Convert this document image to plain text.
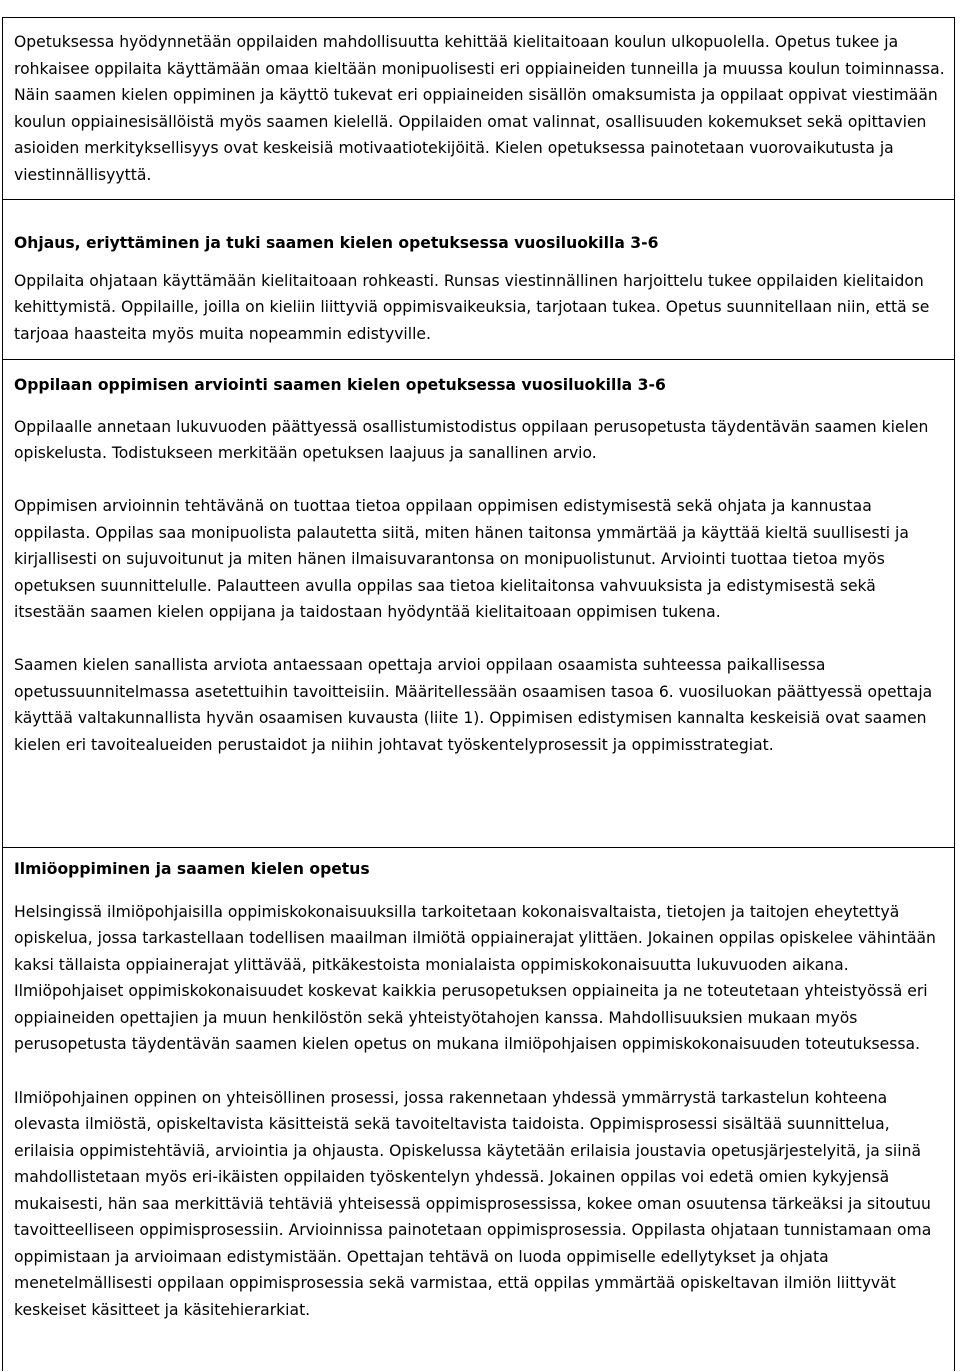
Opetuksessa hyödynnetään oppilaiden mahdollisuutta kehittää kielitaitoaan koulun ulkopuolella. Opetus tukee ja rohkaisee oppilaita käyttämään omaa kieltään monipuolisesti eri oppiaineiden tunneilla ja muussa koulun toiminnassa. Näin saamen kielen oppiminen ja käyttö tukevat eri oppiaineiden sisällön omaksumista ja oppilaat oppivat viestimään koulun oppiainesisällöistä myös saamen kielellä. Oppilaiden omat valinnat, osallisuuden kokemukset sekä opittavien asioiden merkityksellisyys ovat keskeisiä motivaatiotekijöitä. Kielen opetuksessa painotetaan vuorovaikutusta ja viestinnällisyyttä.

Ohjaus, eriyttäminen ja tuki saamen kielen opetuksessa vuosiluokilla 3-6

Oppilaita ohjataan käyttämään kielitaitoaan rohkeasti. Runsas viestinnällinen harjoittelu tukee oppilaiden kielitaidon kehittymistä. Oppilaille, joilla on kieliin liittyviä oppimisvaikeuksia, tarjotaan tukea. Opetus suunnitellaan niin, että se tarjoaa haasteita myös muita nopeammin edistyville.

Oppilaan oppimisen arviointi saamen kielen opetuksessa vuosiluokilla 3-6

Oppilaalle annetaan lukuvuoden päättyessä osallistumistodistus oppilaan perusopetusta täydentävän saamen kielen opiskelusta. Todistukseen merkitään opetuksen laajuus ja sanallinen arvio.

Oppimisen arvioinnin tehtävänä on tuottaa tietoa oppilaan oppimisen edistymisestä sekä ohjata ja kannustaa oppilasta. Oppilas saa monipuolista palautetta siitä, miten hänen taitonsa ymmärtää ja käyttää kieltä suullisesti ja kirjallisesti on sujuvoitunut ja miten hänen ilmaisuvarantonsa on monipuolistunut. Arviointi tuottaa tietoa myös opetuksen suunnittelulle. Palautteen avulla oppilas saa tietoa kielitaitonsa vahvuuksista ja edistymisestä sekä itsestään saamen kielen oppijana ja taidostaan hyödyntää kielitaitoaan oppimisen tukena.

Saamen kielen sanallista arviota antaessaan opettaja arvioi oppilaan osaamista suhteessa paikallisessa opetussuunnitelmassa asetettuihin tavoitteisiin. Määritellessään osaamisen tasoa 6. vuosiluokan päättyessä opettaja käyttää valtakunnallista hyvän osaamisen kuvausta (liite 1). Oppimisen edistymisen kannalta keskeisiä ovat saamen kielen eri tavoitealueiden perustaidot ja niihin johtavat työskentelyprosessit ja oppimisstrategiat.

Ilmiöoppiminen ja saamen kielen opetus

Helsingissä ilmiöpohjaisilla oppimiskokonaisuuksilla tarkoitetaan kokonaisvaltaista, tietojen ja taitojen eheytettyä opiskelua, jossa tarkastellaan todellisen maailman ilmiötä oppiainerajat ylittäen. Jokainen oppilas opiskelee vähintään kaksi tällaista oppiainerajat ylittävää, pitkäkestoista monialaista oppimiskokonaisuutta lukuvuoden aikana. Ilmiöpohjaiset oppimiskokonaisuudet koskevat kaikkia perusopetuksen oppiaineita ja ne toteutetaan yhteistyössä eri oppiaineiden opettajien ja muun henkilöstön sekä yhteistyötahojen kanssa. Mahdollisuuksien mukaan myös perusopetusta täydentävän saamen kielen opetus on mukana ilmiöpohjaisen oppimiskokonaisuuden toteutuksessa.

Ilmiöpohjainen oppinen on yhteisöllinen prosessi, jossa rakennetaan yhdessä ymmärrystä tarkastelun kohteena olevasta ilmiöstä, opiskeltavista käsitteistä sekä tavoiteltavista taidoista. Oppimisprosessi sisältää suunnittelua, erilaisia oppimistehtäviä, arviointia ja ohjausta. Opiskelussa käytetään erilaisia joustavia opetusjärjestelyitä, ja siinä mahdollistetaan myös eri-ikäisten oppilaiden työskentelyn yhdessä. Jokainen oppilas voi edetä omien kykyjensä mukaisesti, hän saa merkittäviä tehtäviä yhteisessä oppimisprosessissa, kokee oman osuutensa tärkeäksi ja sitoutuu tavoitteelliseen oppimisprosessiin. Arvioinnissa painotetaan oppimisprosessia. Oppilasta ohjataan tunnistamaan oma oppimistaan ja arvioimaan edistymistään. Opettajan tehtävä on luoda oppimiselle edellytykset ja ohjata menetelmällisesti oppilaan oppimisprosessia sekä varmistaa, että oppilas ymmärtää opiskeltavan ilmiön liittyvät keskeiset käsitteet ja käsitehierarkiat.
